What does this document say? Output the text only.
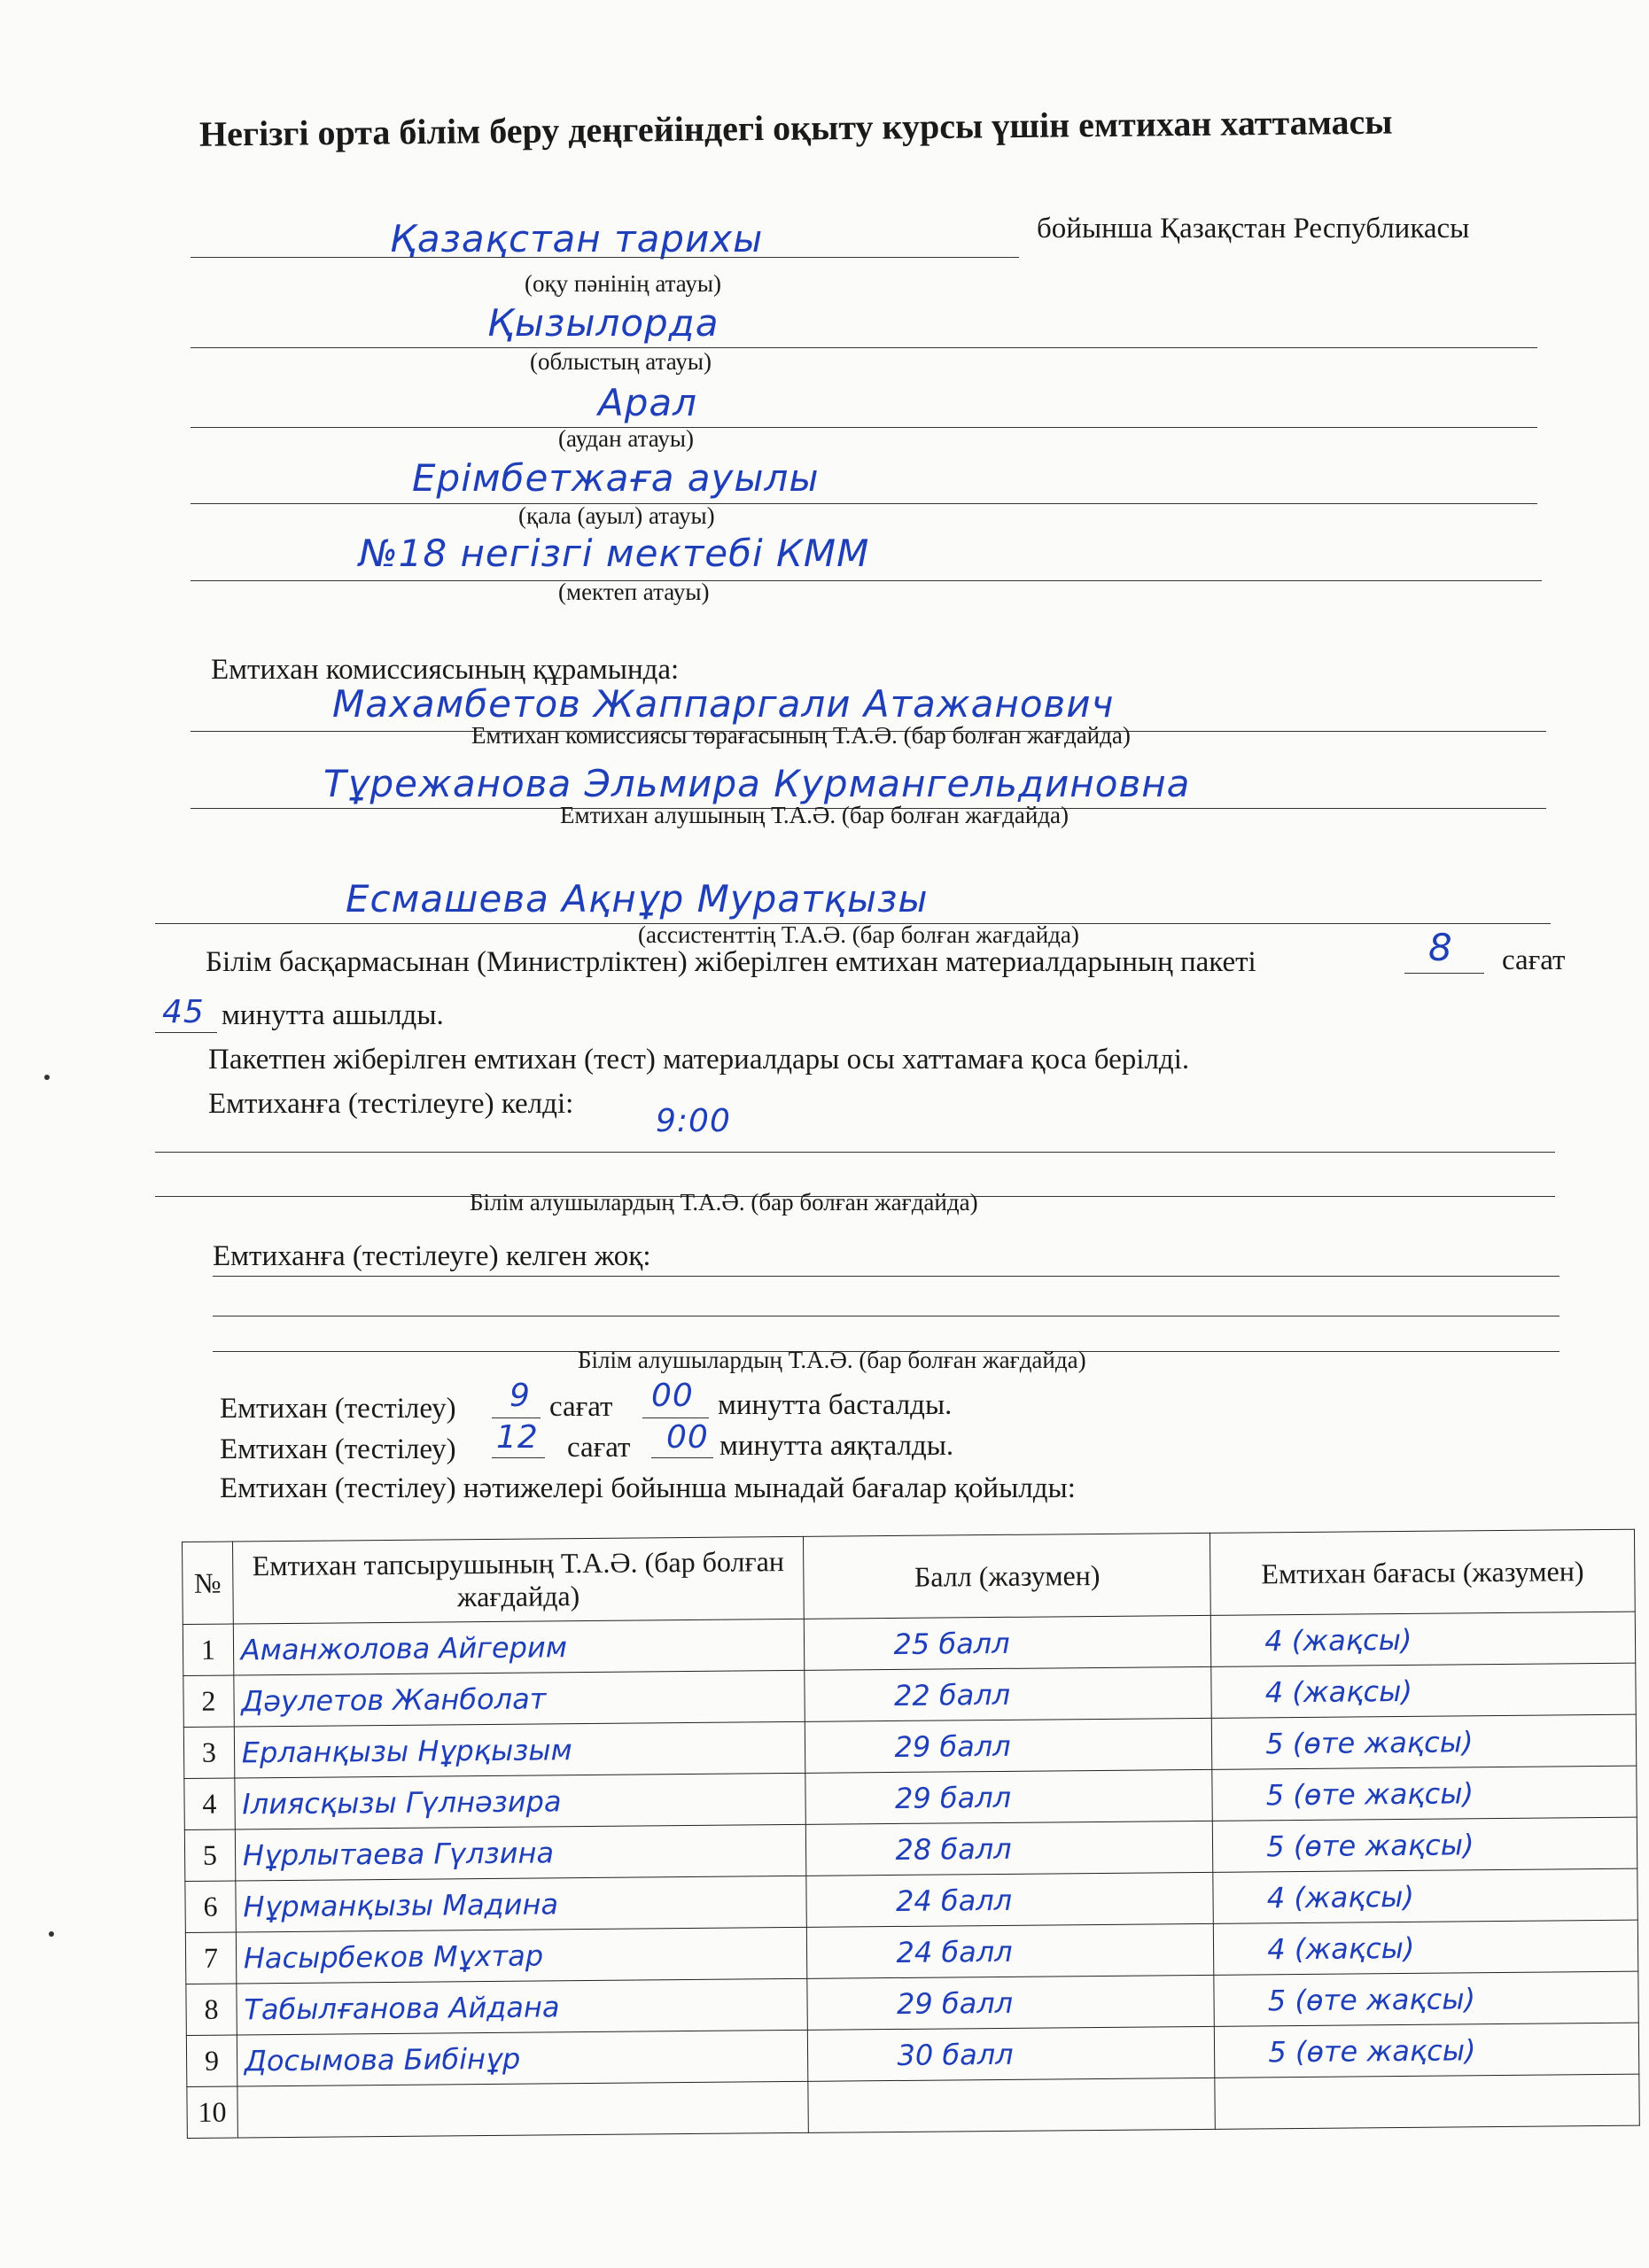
Негізгі орта білім беру деңгейіндегі оқыту курсы үшін емтихан хаттамасы
Қазақстан тарихы	бойынша Қазақстан Республикасы
(оқу пәнінің атауы)
Қызылорда
(облыстың атауы)
Арал
(аудан атауы)
Ерімбетжаға ауылы
(қала (ауыл) атауы)
№18 негізгі мектебі КММ
(мектеп атауы)
Емтихан комиссиясының құрамында:
Махамбетов Жаппаргали Атажанович
Емтихан комиссиясы төрағасының Т.А.Ә. (бар болған жағдайда)
Тұрежанова Эльмира Курмангельдиновна
Емтихан алушының Т.А.Ә. (бар болған жағдайда)
Есмашева Ақнұр Муратқызы
(ассистенттің Т.А.Ә. (бар болған жағдайда)
Білім басқармасынан (Министрліктен) жіберілген емтихан материалдарының пакеті	8 сағат
45 минутта ашылды.
Пакетпен жіберілген емтихан (тест) материалдары осы хаттамаға қоса берілді.
Емтиханға (тестілеуге) келді:	9:00
Білім алушылардың Т.А.Ә. (бар болған жағдайда)
Емтиханға (тестілеуге) келген жоқ:
Білім алушылардың Т.А.Ә. (бар болған жағдайда)
Емтихан (тестілеу) 9 сағат 00 минутта басталды.
Емтихан (тестілеу) 12 сағат 00 минутта аяқталды.
Емтихан (тестілеу) нәтижелері бойынша мынадай бағалар қойылды:
№	Емтихан тапсырушының Т.А.Ә. (бар болған жағдайда)	Балл (жазумен)	Емтихан бағасы (жазумен)
1	Аманжолова Айгерим	25 балл	4 (жақсы)
2	Дәулетов Жанболат	22 балл	4 (жақсы)
3	Ерланқызы Нұрқызым	29 балл	5 (өте жақсы)
4	Ілиясқызы Гүлнәзира	29 балл	5 (өте жақсы)
5	Нұрлытаева Гүлзина	28 балл	5 (өте жақсы)
6	Нұрманқызы Мадина	24 балл	4 (жақсы)
7	Насырбеков Мұхтар	24 балл	4 (жақсы)
8	Табылғанова Айдана	29 балл	5 (өте жақсы)
9	Досымова Бибінұр	30 балл	5 (өте жақсы)
10			
